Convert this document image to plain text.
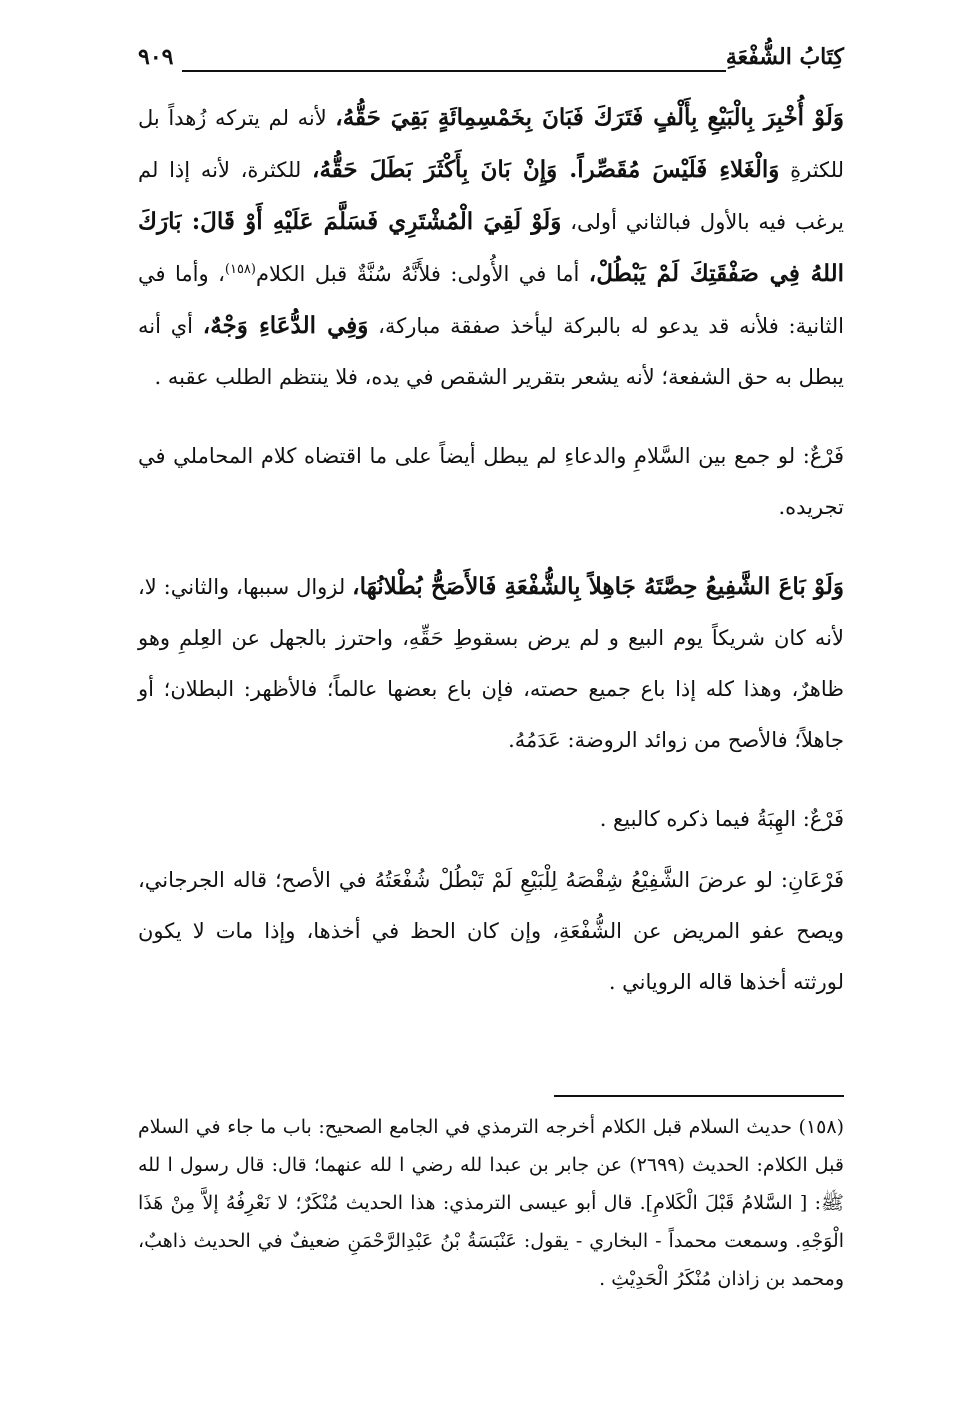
كِتَابُ الشُّفْعَةِ
٩٠٩

وَلَوْ أُخْبِرَ بِالْبَيْعِ بِأَلْفٍ فَتَرَكَ فَبَانَ بِخَمْسِمِائَةٍ بَقِيَ حَقُّهُ، لأنه لم يتركه زُهداً بل للكثرةِ وَالْغَلاءِ فَلَيْسَ مُقَصِّراً. وَإِنْ بَانَ بِأَكْثَرَ بَطَلَ حَقُّهُ، للكثرة، لأنه إذا لم يرغب فيه بالأول فبالثاني أولى، وَلَوْ لَقِيَ الْمُشْتَرِي فَسَلَّمَ عَلَيْهِ أَوْ قَالَ: بَارَكَ اللهُ فِي صَفْقَتِكَ لَمْ يَبْطُلْ، أما في الأُولى: فلأَنَّهُ سُنَّةٌ قبل الكلام$^{(١٥٨)}$، وأما في الثانية: فلأنه قد يدعو له بالبركة ليأخذ صفقة مباركة، وَفِي الدُّعَاءِ وَجْهٌ، أي أنه يبطل به حق الشفعة؛ لأنه يشعر بتقرير الشقص في يده، فلا ينتظم الطلب عقبه .

فَرْعٌ: لو جمع بين السَّلامِ والدعاءِ لم يبطل أيضاً على ما اقتضاه كلام المحاملي في تجريده.

وَلَوْ بَاعَ الشَّفِيعُ حِصَّتَهُ جَاهِلاً بِالشُّفْعَةِ فَالأَصَحُّ بُطْلانُهَا، لزوال سببها، والثاني: لا، لأنه كان شريكاً يوم البيع و لم يرض بسقوطِ حَقِّهِ، واحترز بالجهل عن العِلمِ وهو ظاهرٌ، وهذا كله إذا باع جميع حصته، فإن باع بعضها عالماً؛ فالأظهر: البطلان؛ أو جاهلاً؛ فالأصح من زوائد الروضة: عَدَمُهُ.

فَرْعٌ: الهِبَةُ فيما ذكره كالبيع .

فَرْعَانِ: لو عرضَ الشَّفِيْعُ شِقْصَهُ لِلْبَيْعِ لَمْ تَبْطُلْ شُفْعَتُهُ في الأصح؛ قاله الجرجاني، ويصح عفو المريض عن الشُّفْعَةِ، وإن كان الحظ في أخذها، وإذا مات لا يكون لورثته أخذها قاله الروياني .

(١٥٨) حديث السلام قبل الكلام أخرجه الترمذي في الجامع الصحيح: باب ما جاء في السلام قبل الكلام: الحديث (٢٦٩٩) عن جابر بن عبدا لله رضي ا لله عنهما؛ قال: قال رسول ا لله ﷺ: [ السَّلامُ قَبْلَ الْكَلامِ]. قال أبو عيسى الترمذي: هذا الحديث مُنْكَرٌ؛ لا نَعْرِفُهُ إلاَّ مِنْ هَذَا الْوَجْهِ. وسمعت محمداً - البخاري - يقول: عَنْبَسَةُ بْنُ عَبْدِالرَّحْمَنِ ضعيفٌ في الحديث ذاهبٌ، ومحمد بن زاذان مُنْكَرُ الْحَدِيْثِ .
